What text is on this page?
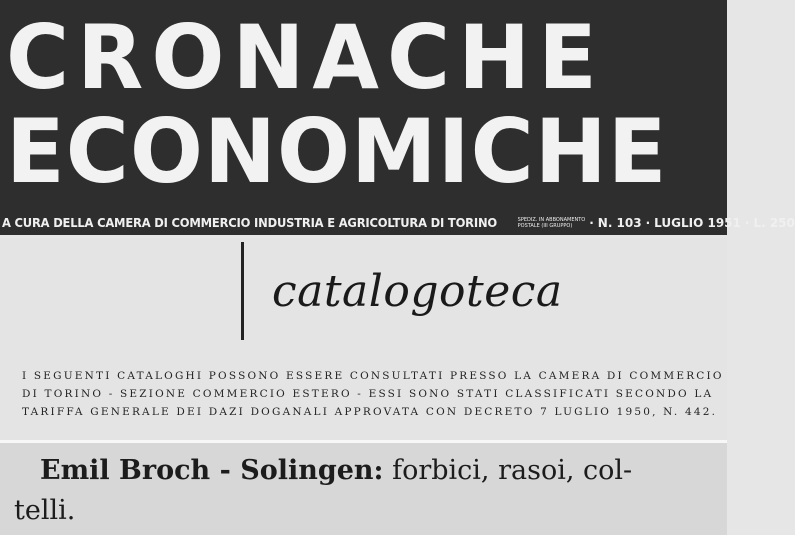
CRONACHE
ECONOMICHE
A CURA DELLA CAMERA DI COMMERCIO INDUSTRIA E AGRICOLTURA DI TORINO	SPEDIZ. IN ABBONAMENTO
POSTALE (III GRUPPO)	· N. 103 · LUGLIO 1951 · L. 250
catalogoteca
I SEGUENTI CATALOGHI POSSONO ESSERE CONSULTATI PRESSO LA CAMERA DI COMMERCIO
DI TORINO - SEZIONE COMMERCIO ESTERO - ESSI SONO STATI CLASSIFICATI SECONDO LA
TARIFFA GENERALE DEI DAZI DOGANALI APPROVATA CON DECRETO 7 LUGLIO 1950, N. 442.
Emil Broch - Solingen: forbici, rasoi, col-
telli.
